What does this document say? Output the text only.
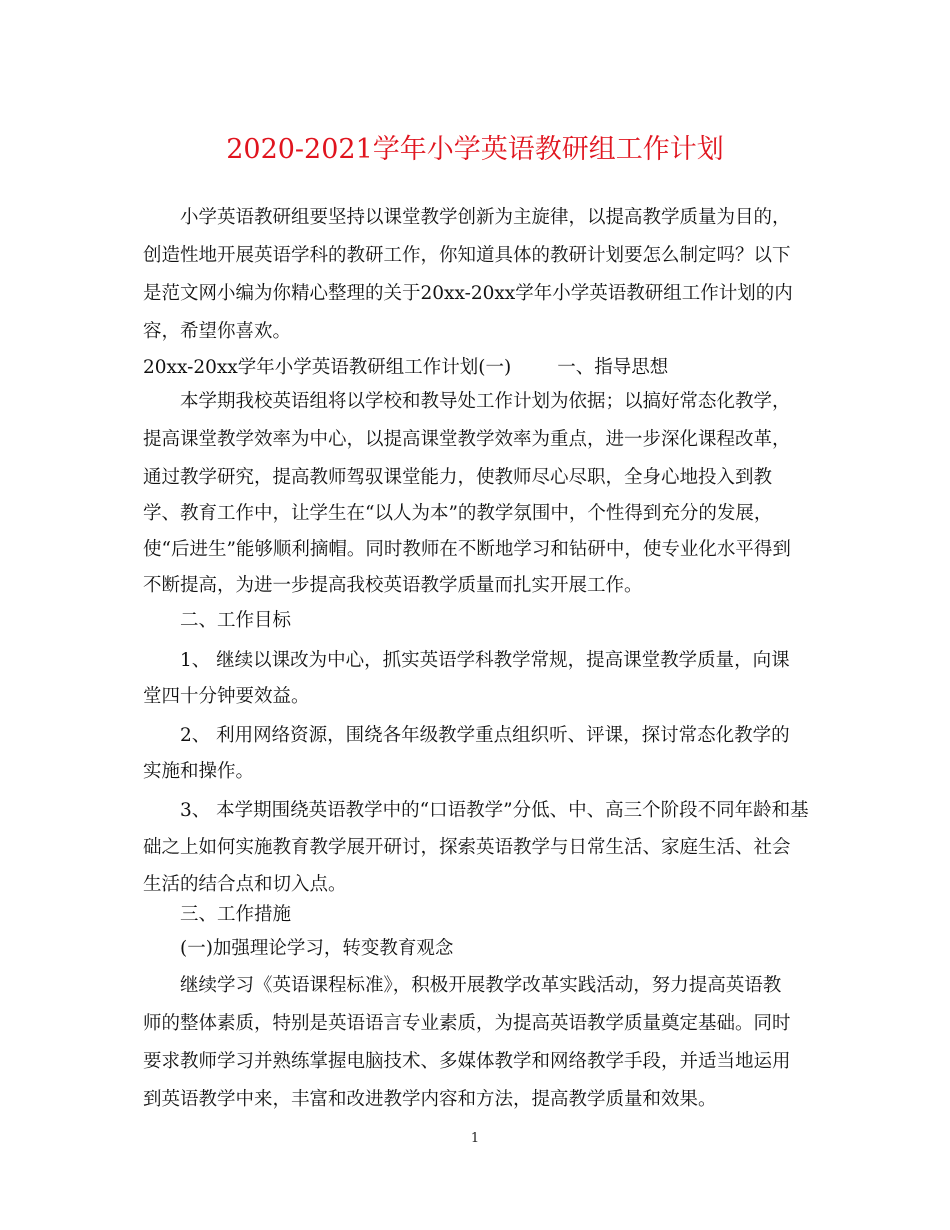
2020-2021学年小学英语教研组工作计划
小学英语教研组要坚持以课堂教学创新为主旋律，以提高教学质量为目的，
创造性地开展英语学科的教研工作，你知道具体的教研计划要怎么制定吗？以下
是范文网小编为你精心整理的关于20xx-20xx学年小学英语教研组工作计划的内
容，希望你喜欢。
20xx-20xx学年小学英语教研组工作计划(一) 一、指导思想
本学期我校英语组将以学校和教导处工作计划为依据；以搞好常态化教学，
提高课堂教学效率为中心，以提高课堂教学效率为重点，进一步深化课程改革，
通过教学研究，提高教师驾驭课堂能力，使教师尽心尽职，全身心地投入到教
学、教育工作中，让学生在“以人为本”的教学氛围中，个性得到充分的发展，
使“后进生”能够顺利摘帽。同时教师在不断地学习和钻研中，使专业化水平得到
不断提高，为进一步提高我校英语教学质量而扎实开展工作。
二、工作目标
1、 继续以课改为中心，抓实英语学科教学常规，提高课堂教学质量，向课
堂四十分钟要效益。
2、 利用网络资源，围绕各年级教学重点组织听、评课，探讨常态化教学的
实施和操作。
3、 本学期围绕英语教学中的“口语教学”分低、中、高三个阶段不同年龄和基
础之上如何实施教育教学展开研讨，探索英语教学与日常生活、家庭生活、社会
生活的结合点和切入点。
三、工作措施
(一)加强理论学习，转变教育观念
继续学习《英语课程标准》，积极开展教学改革实践活动，努力提高英语教
师的整体素质，特别是英语语言专业素质，为提高英语教学质量奠定基础。同时
要求教师学习并熟练掌握电脑技术、多媒体教学和网络教学手段，并适当地运用
到英语教学中来，丰富和改进教学内容和方法，提高教学质量和效果。
1
